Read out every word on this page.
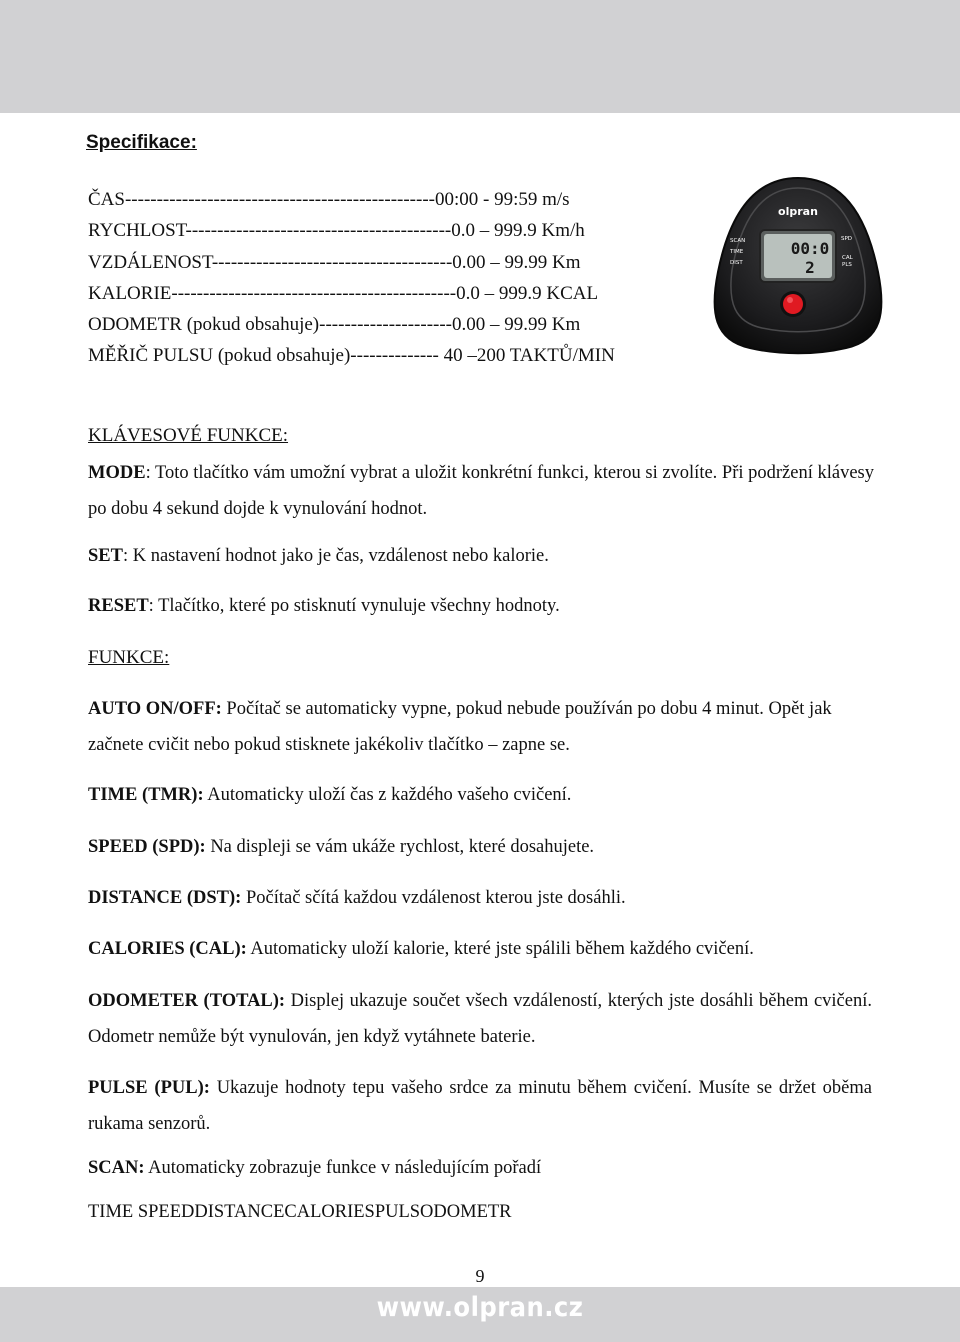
Specifikace:
ČAS-------------------------------------------------00:00 - 99:59 m/s
RYCHLOST------------------------------------------0.0 – 999.9 Km/h
VZDÁLENOST--------------------------------------0.00 – 99.99 Km
KALORIE---------------------------------------------0.0 – 999.9 KCAL
ODOMETR (pokud obsahuje)---------------------0.00 – 99.99 Km
MĚŘIČ PULSU (pokud obsahuje)-------------- 40 –200 TAKTŮ/MIN
olpran
00:0
2
SCAN
TIME
DIST
SPD
CAL
PLS
KLÁVESOVÉ FUNKCE:
MODE: Toto tlačítko vám umožní vybrat a uložit konkrétní funkci, kterou si zvolíte. Při podržení klávesy po dobu 4 sekund dojde k vynulování hodnot.
SET: K nastavení hodnot jako je čas, vzdálenost nebo kalorie.
RESET: Tlačítko, které po stisknutí vynuluje všechny hodnoty.
FUNKCE:
AUTO ON/OFF: Počítač se automaticky vypne, pokud nebude používán po dobu 4 minut. Opět jak začnete cvičit nebo pokud stisknete jakékoliv tlačítko – zapne se.
TIME (TMR): Automaticky uloží čas z každého vašeho cvičení.
SPEED (SPD): Na displeji se vám ukáže rychlost, které dosahujete.
DISTANCE (DST): Počítač sčítá každou vzdálenost kterou jste dosáhli.
CALORIES (CAL): Automaticky uloží kalorie, které jste spálili během každého cvičení.
ODOMETER (TOTAL): Displej ukazuje součet všech vzdáleností, kterých jste dosáhli během cvičení. Odometr nemůže být vynulován, jen když vytáhnete baterie.
PULSE (PUL): Ukazuje hodnoty tepu vašeho srdce za minutu během cvičení. Musíte se držet oběma rukama senzorů.
SCAN: Automaticky zobrazuje funkce v následujícím pořadí
TIME SPEEDDISTANCECALORIESPULSODOMETR
9
www.olpran.cz
